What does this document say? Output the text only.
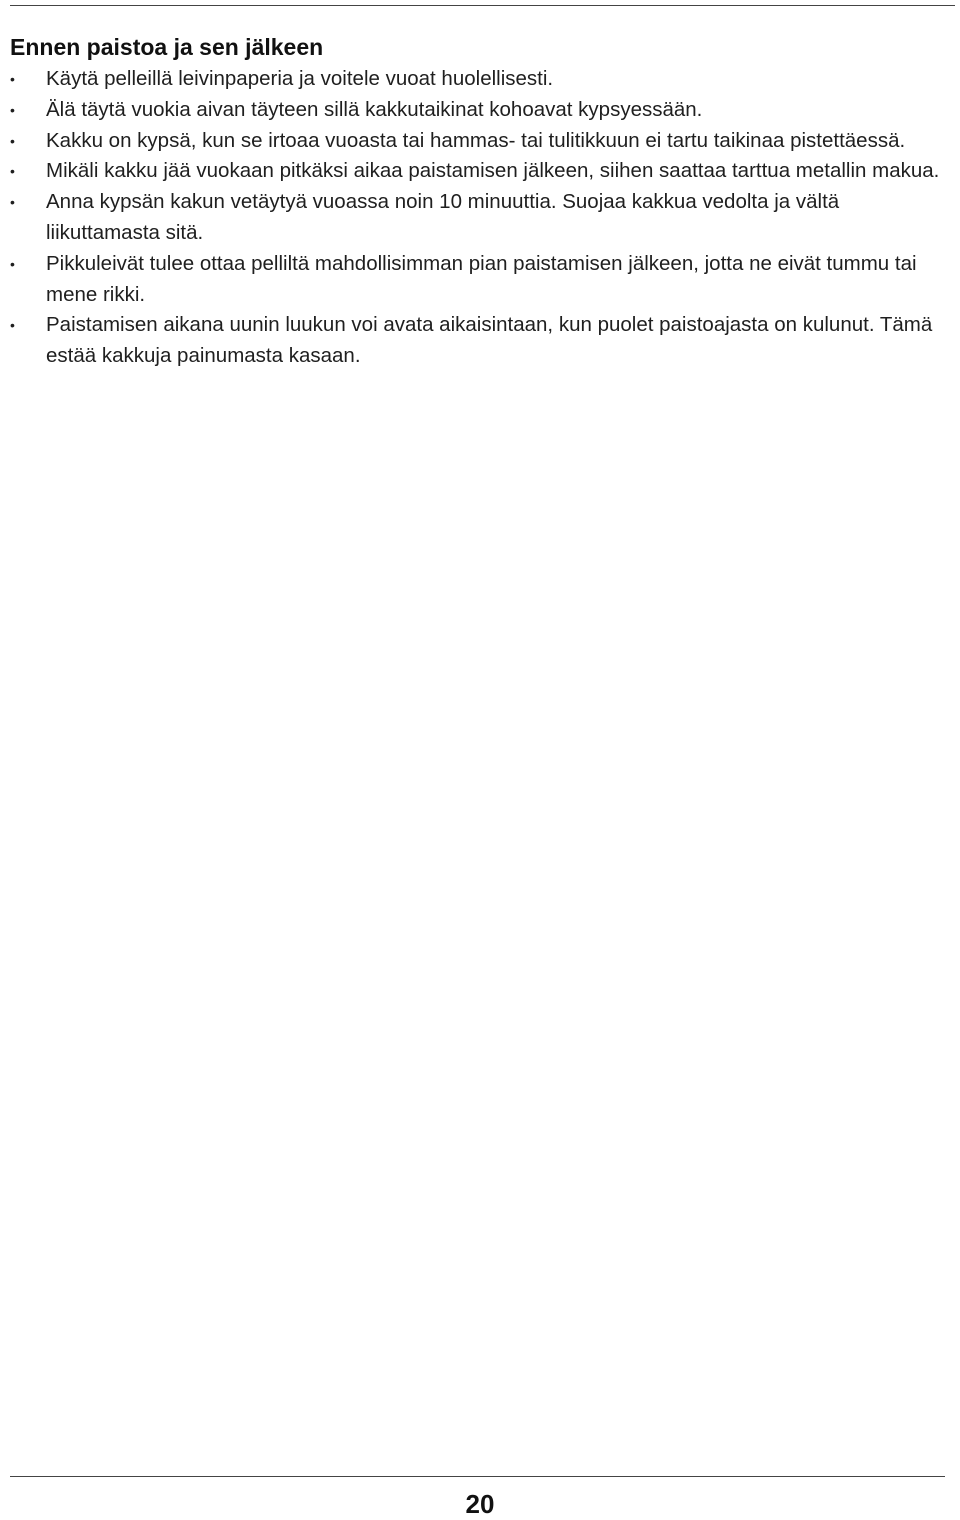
Ennen paistoa ja sen jälkeen
•	Käytä pelleillä leivinpaperia ja voitele vuoat huolellisesti.
•	Älä täytä vuokia aivan täyteen sillä kakkutaikinat kohoavat kypsyessään.
•	Kakku on kypsä, kun se irtoaa vuoasta tai hammas- tai tulitikkuun ei tartu taikinaa pistettäessä.
•	Mikäli kakku jää vuokaan pitkäksi aikaa paistamisen jälkeen, siihen saattaa tarttua metallin makua.
•	Anna kypsän kakun vetäytyä vuoassa noin 10 minuuttia. Suojaa kakkua vedolta ja vältä liikuttamasta sitä.
•	Pikkuleivät tulee ottaa pelliltä mahdollisimman pian paistamisen jälkeen, jotta ne eivät tummu tai mene rikki.
•	Paistamisen aikana uunin luukun voi avata aikaisintaan, kun puolet paistoajasta on kulunut. Tämä estää kakkuja painumasta kasaan.
20
